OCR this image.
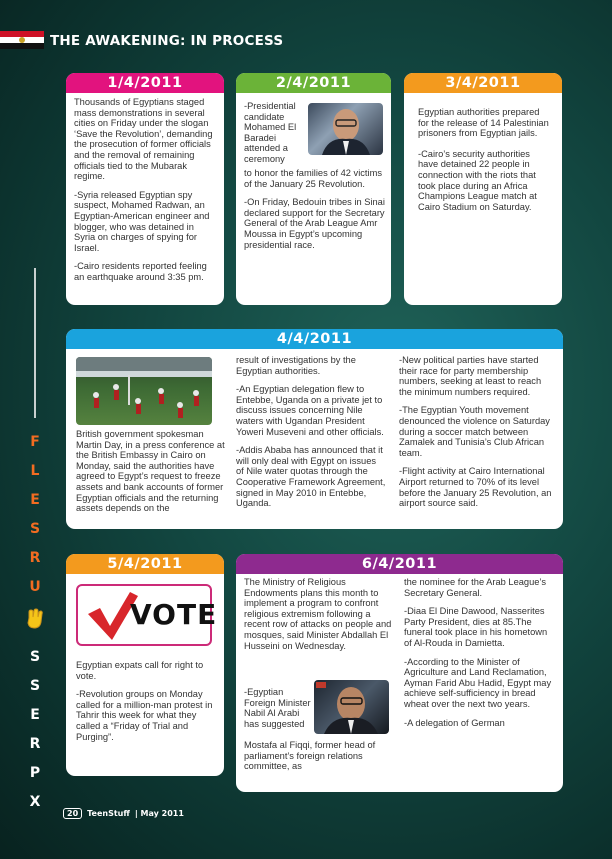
THE AWAKENING: IN PROCESS
X
P
R
E
S
S
U
R
S
E
L
F
1/4/2011

Thousands of Egyptians staged mass demonstrations in several cities on Friday under the slogan ‘Save the Revolution’, demanding the prosecution of former officials and the removal of remaining officials tied to the Mubarak regime.

-Syria released Egyptian spy suspect, Mohamed Radwan, an Egyptian-American engineer and blogger, who was detained in Syria on charges of spying for Israel.

-Cairo residents reported feeling an earthquake around 3:35 pm.

2/4/2011
-Presidential candidate Mohamed El Baradei attended a ceremony

to honor the families of 42 victims of the January 25 Revolution.

-On Friday, Bedouin tribes in Sinai declared support for the Secretary General of the Arab League Amr Moussa in Egypt’s upcoming presidential race.

3/4/2011

Egyptian authorities prepared for the release of 14 Palestinian prisoners from Egyptian jails.

-Cairo’s security authorities have detained 22 people in connection with the riots that took place during an Africa Champions League match at Cairo Stadium on Saturday.

4/4/2011

British government spokesman Martin Day, in a press conference at the British Embassy in Cairo on Monday, said the authorities have agreed to Egypt’s request to freeze assets and bank accounts of former Egyptian officials and the returning assets depends on the

result of investigations by the Egyptian authorities.

-An Egyptian delegation flew to Entebbe, Uganda on a private jet to discuss issues concerning Nile waters with Ugandan President Yoweri Museveni and other officials.

-Addis Ababa has announced that it will only deal with Egypt on issues of Nile water quotas through the Cooperative Framework Agreement, signed in May 2010 in Entebbe, Uganda.

-New political parties have started their race for party membership numbers, seeking at least to reach the minimum numbers required.

-The Egyptian Youth movement denounced the violence on Saturday during a soccer match between Zamalek and Tunisia’s Club African team.

-Flight activity at Cairo International Airport returned to 70% of its level before the January 25 Revolution, an airport source said.

5/4/2011
VOTE

Egyptian expats call for right to vote.

-Revolution groups on Monday called for a million-man protest in Tahrir this week for what they called a “Friday of Trial and Purging”.

6/4/2011
The Ministry of Religious Endowments plans this month to implement a program to confront religious extremism following a recent row of attacks on people and mosques, said Minister Abdallah El Husseini on Wednesday.
-Egyptian Foreign Minister Nabil Al Arabi has suggested
Mostafa al Fiqqi, former head of parliament’s foreign relations committee, as

the nominee for the Arab League’s Secretary General.

-Diaa El Dine Dawood, Nasserites Party President, dies at 85.The funeral took place in his hometown of Al-Rouda in Damietta.

-According to the Minister of Agriculture and Land Reclamation, Ayman Farid Abu Hadid, Egypt may achieve self-sufficiency in bread wheat over the next two years.

-A delegation of German

20	TeenStuff | May 2011
